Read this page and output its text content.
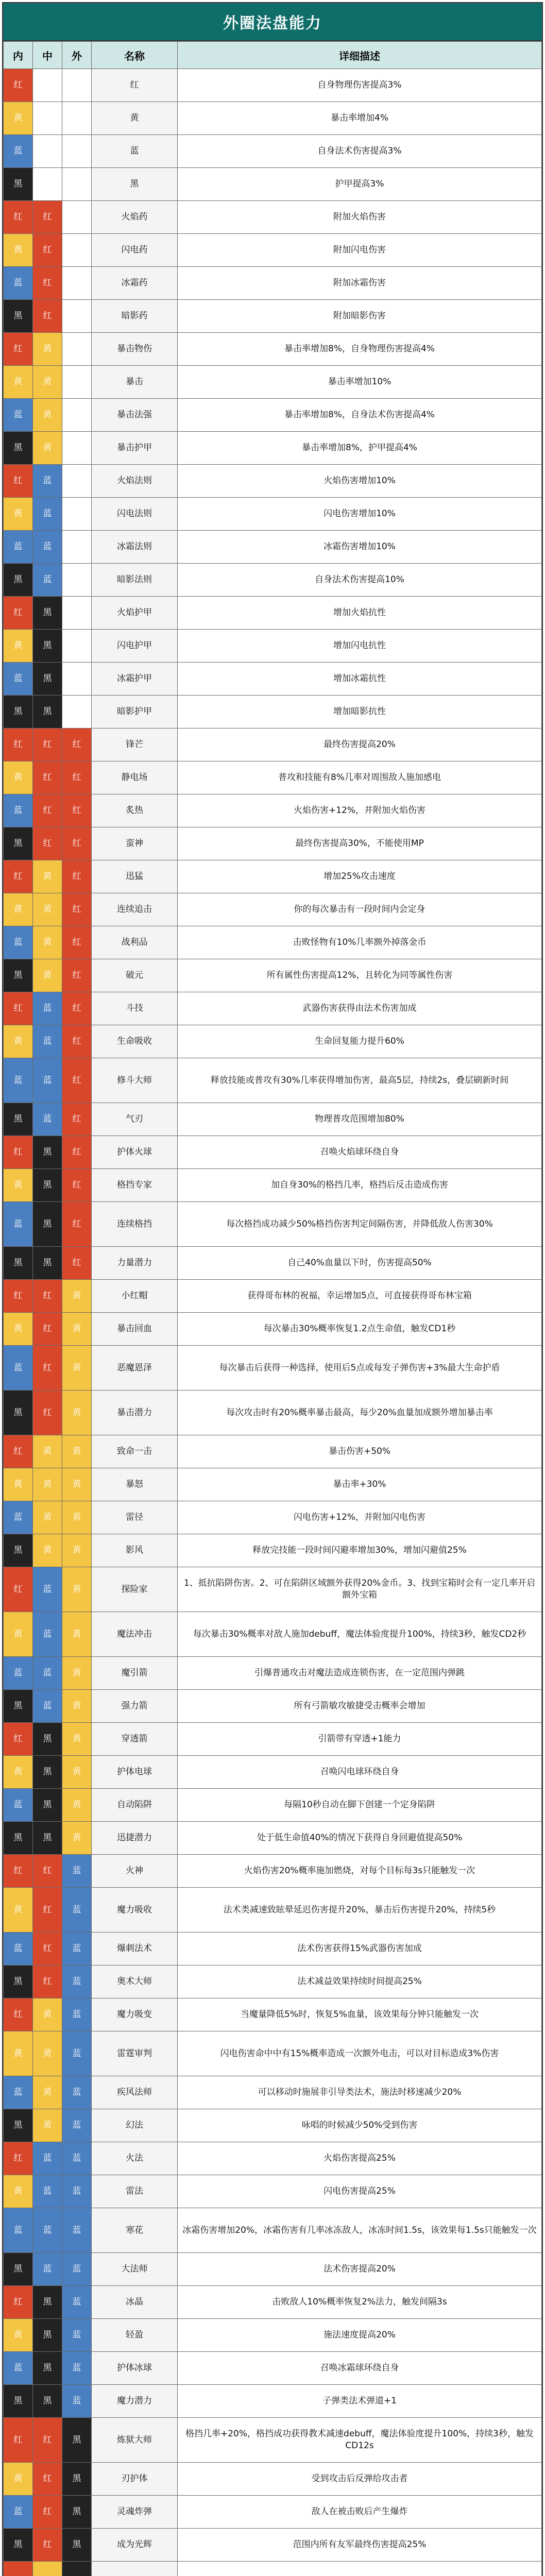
外圈法盘能力
内	中	外	名称	详细描述
红			红	自身物理伤害提高3%
黄			黄	暴击率增加4%
蓝			蓝	自身法术伤害提高3%
黑			黑	护甲提高3%
红	红		火焰药	附加火焰伤害
黄	红		闪电药	附加闪电伤害
蓝	红		冰霜药	附加冰霜伤害
黑	红		暗影药	附加暗影伤害
红	黄		暴击物伤	暴击率增加8%，自身物理伤害提高4%
黄	黄		暴击	暴击率增加10%
蓝	黄		暴击法强	暴击率增加8%，自身法术伤害提高4%
黑	黄		暴击护甲	暴击率增加8%，护甲提高4%
红	蓝		火焰法则	火焰伤害增加10%
黄	蓝		闪电法则	闪电伤害增加10%
蓝	蓝		冰霜法则	冰霜伤害增加10%
黑	蓝		暗影法则	自身法术伤害提高10%
红	黑		火焰护甲	增加火焰抗性
黄	黑		闪电护甲	增加闪电抗性
蓝	黑		冰霜护甲	增加冰霜抗性
黑	黑		暗影护甲	增加暗影抗性
红	红	红	锋芒	最终伤害提高20%
黄	红	红	静电场	普攻和技能有8%几率对周围敌人施加感电
蓝	红	红	炙热	火焰伤害+12%，并附加火焰伤害
黑	红	红	蛮神	最终伤害提高30%，不能使用MP
红	黄	红	迅猛	增加25%攻击速度
黄	黄	红	连续追击	你的每次暴击有一段时间内会定身
蓝	黄	红	战利品	击败怪物有10%几率额外掉落金币
黑	黄	红	破元	所有属性伤害提高12%，且转化为同等属性伤害
红	蓝	红	斗技	武器伤害获得由法术伤害加成
黄	蓝	红	生命吸收	生命回复能力提升60%
蓝	蓝	红	修斗大师	释放技能或普攻有30%几率获得增加伤害，最高5层，持续2s，叠层刷新时间
黑	蓝	红	气刃	物理普攻范围增加80%
红	黑	红	护体火球	召唤火焰球环绕自身
黄	黑	红	格挡专家	加自身30%的格挡几率，格挡后反击造成伤害
蓝	黑	红	连续格挡	每次格挡成功减少50%格挡伤害判定间隔伤害，并降低敌人伤害30%
黑	黑	红	力量潜力	自己40%血量以下时，伤害提高50%
红	红	黄	小红帽	获得哥布林的祝福，幸运增加5点，可直接获得哥布林宝箱
黄	红	黄	暴击回血	每次暴击30%概率恢复1.2点生命值，触发CD1秒
蓝	红	黄	恶魔恩泽	每次暴击后获得一种选择，使用后5点或每发子弹伤害+3%最大生命护盾
黑	红	黄	暴击潜力	每次攻击时有20%概率暴击最高，每少20%血量加成额外增加暴击率
红	黄	黄	致命一击	暴击伤害+50%
黄	黄	黄	暴怒	暴击率+30%
蓝	黄	黄	雷径	闪电伤害+12%，并附加闪电伤害
黑	黄	黄	影风	释放完技能一段时间闪避率增加30%，增加闪避值25%
红	蓝	黄	探险家	1、抵抗陷阱伤害。2、可在陷阱区域额外获得20%金币。3、找到宝箱时会有一定几率开启额外宝箱
黄	蓝	黄	魔法冲击	每次暴击30%概率对敌人施加debuff，魔法体验度提升100%，持续3秒，触发CD2秒
蓝	蓝	黄	魔引箭	引爆普通攻击对魔法造成连锁伤害，在一定范围内弹跳
黑	蓝	黄	强力箭	所有弓箭敏攻敏捷受击概率会增加
红	黑	黄	穿透箭	引箭带有穿透+1能力
黄	黑	黄	护体电球	召唤闪电球环绕自身
蓝	黑	黄	自动陷阱	每隔10秒自动在脚下创建一个定身陷阱
黑	黑	黄	迅捷潜力	处于低生命值40%的情况下获得自身回避值提高50%
红	红	蓝	火神	火焰伤害20%概率施加燃烧，对每个目标每3s只能触发一次
黄	红	蓝	魔力吸收	法术类减速致眩晕延迟伤害提升20%，暴击后伤害提升20%，持续5秒
蓝	红	蓝	爆刺法术	法术伤害获得15%武器伤害加成
黑	红	蓝	奥术大师	法术减益效果持续时间提高25%
红	黄	蓝	魔力吸变	当魔量降低5%时，恢复5%血量，该效果每分钟只能触发一次
黄	黄	蓝	雷霆审判	闪电伤害命中中有15%概率造成一次额外电击，可以对目标造成3%伤害
蓝	黄	蓝	疾风法师	可以移动时施展非引导类法术，施法时移速减少20%
黑	黄	蓝	幻法	咏唱的时候减少50%受到伤害
红	蓝	蓝	火法	火焰伤害提高25%
黄	蓝	蓝	雷法	闪电伤害提高25%
蓝	蓝	蓝	寒花	冰霜伤害增加20%，冰霜伤害有几率冰冻敌人，冰冻时间1.5s，该效果每1.5s只能触发一次
黑	蓝	蓝	大法师	法术伤害提高20%
红	黑	蓝	冰晶	击败敌人10%概率恢复2%法力，触发间隔3s
黄	黑	蓝	轻盈	施法速度提高20%
蓝	黑	蓝	护体冰球	召唤冰霜球环绕自身
黑	黑	蓝	魔力潜力	子弹类法术弹道+1
红	红	黑	炼狱大师	格挡几率+20%，格挡成功获得教术减速debuff，魔法体验度提升100%，持续3秒，触发CD12s
黄	红	黑	刃护体	受到攻击后反弹给攻击者
蓝	红	黑	灵魂炸弹	敌人在被击败后产生爆炸
黑	红	黑	成为光辉	范围内所有友军最终伤害提高25%
